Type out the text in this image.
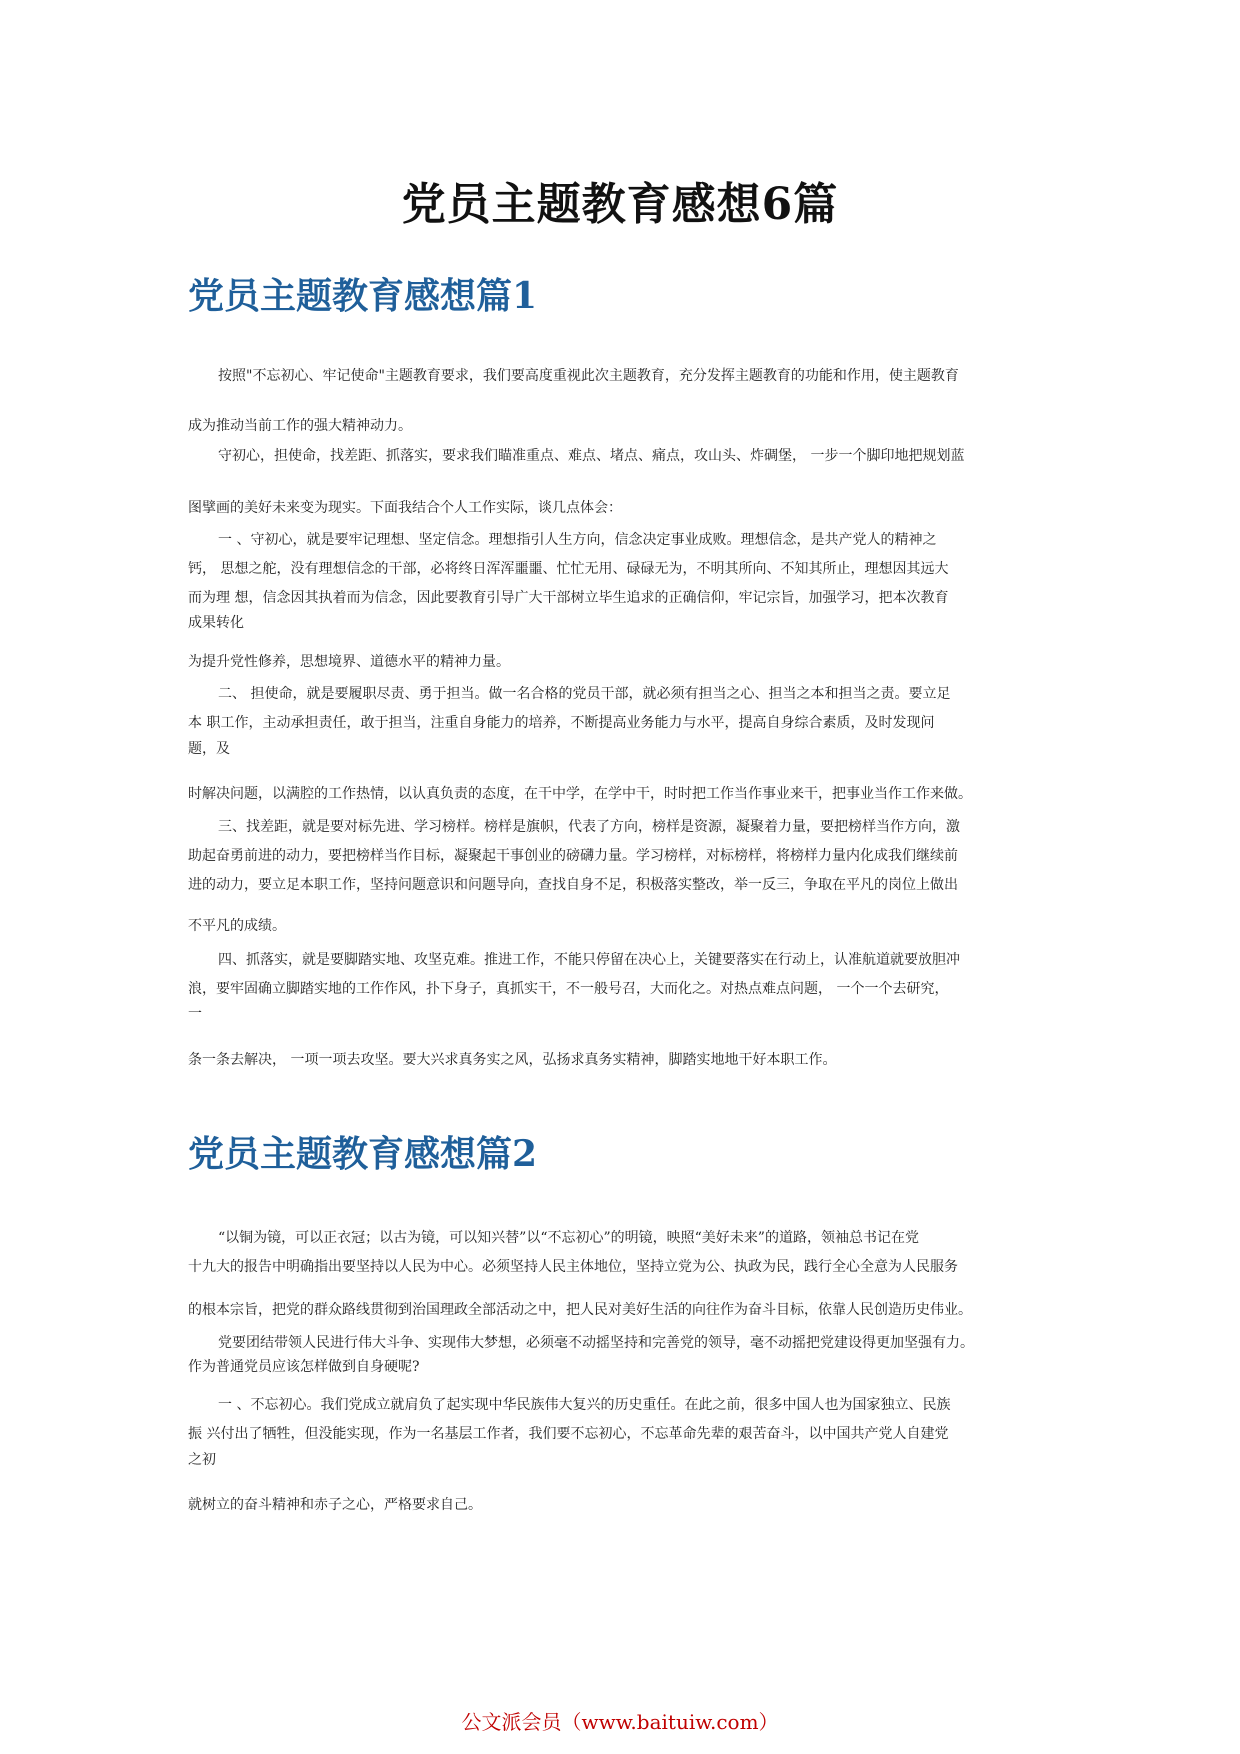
党员主题教育感想6篇
党员主题教育感想篇1

按照"不忘初心、牢记使命"主题教育要求，我们要高度重视此次主题教育，充分发挥主题教育的功能和作用，使主题教育

成为推动当前工作的强大精神动力。

守初心，担使命，找差距、抓落实，要求我们瞄准重点、难点、堵点、痛点，攻山头、炸碉堡， 一步一个脚印地把规划蓝

图擘画的美好未来变为现实。下面我结合个人工作实际，谈几点体会：

一 、守初心，就是要牢记理想、坚定信念。理想指引人生方向，信念决定事业成败。理想信念，是共产党人的精神之

钙， 思想之舵，没有理想信念的干部，必将终日浑浑噩噩、忙忙无用、碌碌无为，不明其所向、不知其所止，理想因其远大

而为理 想，信念因其执着而为信念，因此要教育引导广大干部树立毕生追求的正确信仰，牢记宗旨，加强学习，把本次教育

成果转化

为提升党性修养，思想境界、道德水平的精神力量。

二、 担使命，就是要履职尽责、勇于担当。做一名合格的党员干部，就必须有担当之心、担当之本和担当之责。要立足

本 职工作，主动承担责任，敢于担当，注重自身能力的培养，不断提高业务能力与水平，提高自身综合素质，及时发现问

题，及

时解决问题，以满腔的工作热情，以认真负责的态度，在干中学，在学中干，时时把工作当作事业来干，把事业当作工作来做。

三、找差距，就是要对标先进、学习榜样。榜样是旗帜，代表了方向，榜样是资源，凝聚着力量，要把榜样当作方向，激

助起奋勇前进的动力，要把榜样当作目标，凝聚起干事创业的磅礴力量。学习榜样，对标榜样，将榜样力量内化成我们继续前

进的动力，要立足本职工作，坚持问题意识和问题导向，查找自身不足，积极落实整改，举一反三，争取在平凡的岗位上做出

不平凡的成绩。

四、抓落实，就是要脚踏实地、攻坚克难。推进工作，不能只停留在决心上，关键要落实在行动上，认准航道就要放胆冲

浪，要牢固确立脚踏实地的工作作风，扑下身子，真抓实干，不一般号召，大而化之。对热点难点问题， 一个一个去研究，

一

条一条去解决， 一项一项去攻坚。要大兴求真务实之风，弘扬求真务实精神，脚踏实地地干好本职工作。

党员主题教育感想篇2

“以铜为镜，可以正衣冠；以古为镜，可以知兴替”以“不忘初心”的明镜，映照“美好未来”的道路，领袖总书记在党

十九大的报告中明确指出要坚持以人民为中心。必须坚持人民主体地位，坚持立党为公、执政为民，践行全心全意为人民服务

的根本宗旨，把党的群众路线贯彻到治国理政全部活动之中，把人民对美好生活的向往作为奋斗目标，依靠人民创造历史伟业。

党要团结带领人民进行伟大斗争、实现伟大梦想，必须毫不动摇坚持和完善党的领导，毫不动摇把党建设得更加坚强有力。

作为普通党员应该怎样做到自身硬呢?

一 、不忘初心。我们党成立就肩负了起实现中华民族伟大复兴的历史重任。在此之前，很多中国人也为国家独立、民族

振 兴付出了牺牲，但没能实现，作为一名基层工作者，我们要不忘初心，不忘革命先辈的艰苦奋斗，以中国共产党人自建党

之初

就树立的奋斗精神和赤子之心，严格要求自己。

公文派会员（www.baituiw.com）
